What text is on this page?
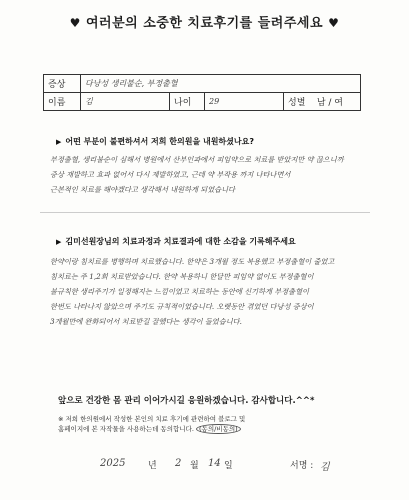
♥ 여러분의 소중한 치료후기를 들려주세요 ♥
증상	다낭성 생리불순, 부정출혈			
이름	김	나이	29	성별 남 / 여
▶ 어떤 부분이 불편하셔서 저희 한의원을 내원하셨나요?
부정출혈, 생리불순이 심해서 병원에서 산부인과에서 피임약으로 치료를 받았지만 약 끊으니까
증상 재발하고 효과 없어서 다시 재발하였고, 근데 약 부작용 까지 나타나면서
근본적인 치료를 해야겠다고 생각해서 내원하게 되었습니다
▶ 김미선원장님의 치료과정과 치료결과에 대한 소감을 기록해주세요
한약이랑 침치료를 병행하며 치료했습니다. 한약은 3개월 정도 복용했고 부정출혈이 줄었고
침치료는 주 1,2회 치료받았습니다. 한약 복용하니 한달만 피임약 없이도 부정출혈이
불규칙한 생리주기가 일정해지는 느낌이었고 치료하는 동안에 신기하게 부정출혈이
한번도 나타나지 않았으며 주기도 규칙적이었습니다. 오랫동안 겪었던 다낭성 증상이
3개월만에 완화되어서 치료받길 잘했다는 생각이 들었습니다.
앞으로 건강한 몸 관리 이어가시길 응원하겠습니다. 감사합니다.^^*
※ 저희 한의원에서 작성한 본인의 치료 후기에 관련하여 블로그 및
홈페이지에 본 자작물을 사용하는데 동의합니다. (동의/비동의)
2025	년 2 월 14 일	서명 : 김
